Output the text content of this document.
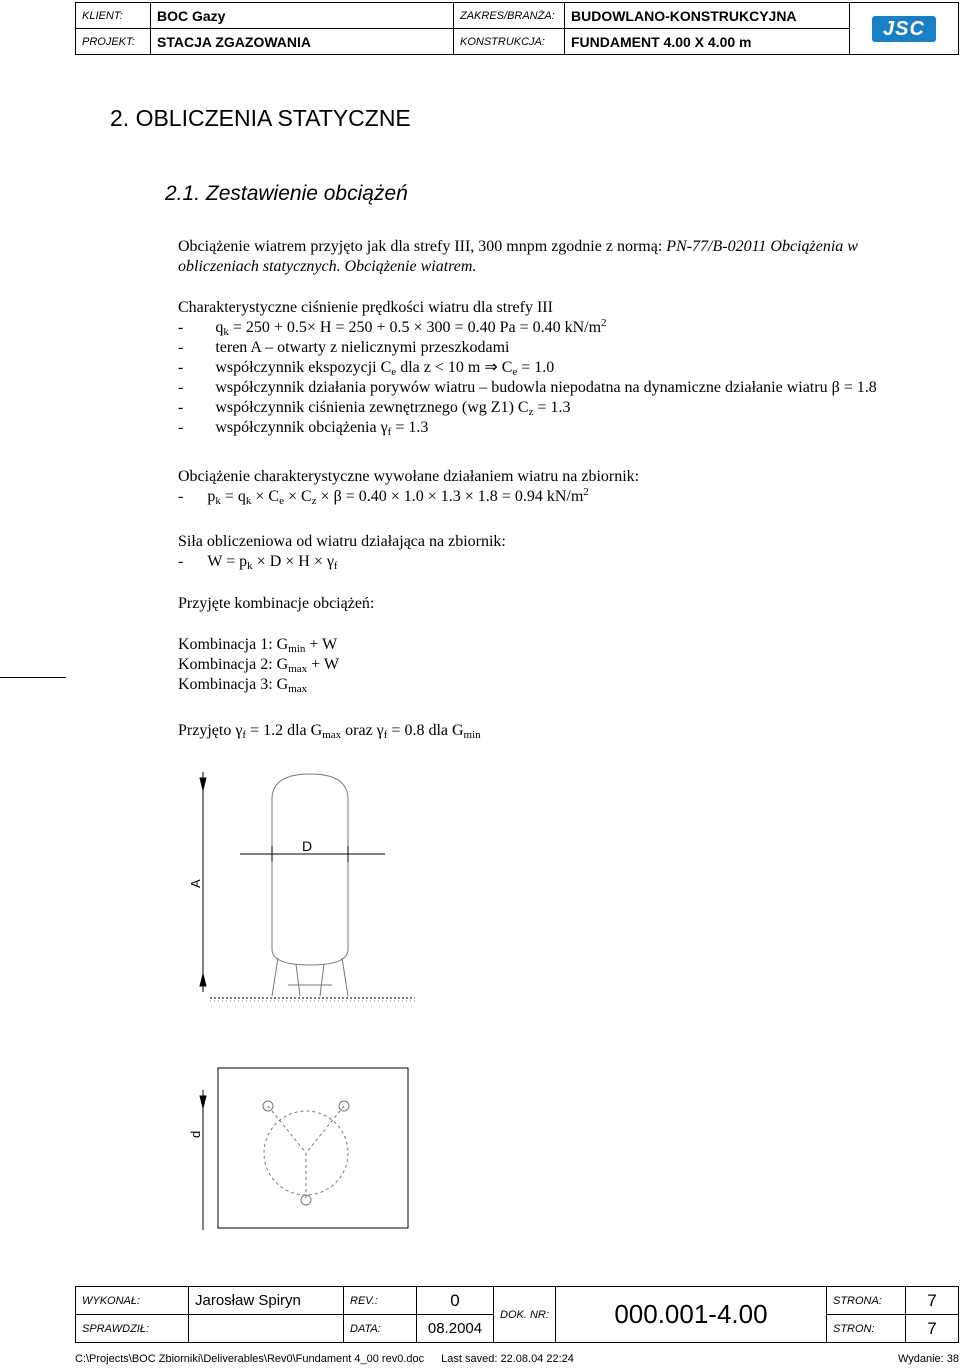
KLIENT:	BOC Gazy	ZAKRES/BRANŻA:	BUDOWLANO-KONSTRUKCYJNA	JSC
PROJEKT:	STACJA ZGAZOWANIA	KONSTRUKCJA:	FUNDAMENT 4.00 X 4.00 m	
2. OBLICZENIA STATYCZNE
2.1. Zestawienie obciążeń
Obciążenie wiatrem przyjęto jak dla strefy III, 300 mnpm zgodnie z normą: PN-77/B-02011 Obciążenia w
obliczeniach statycznych. Obciążenie wiatrem.
Charakterystyczne ciśnienie prędkości wiatru dla strefy III
- $q_k = 250 + 0.5\times H = 250 + 0.5 \times 300 = 0.40$ Pa = 0.40 $kN/m^2$
- teren A – otwarty z nielicznymi przeszkodami
- współczynnik ekspozycji $C_e$ dla z < 10 m ⇒ $C_e = 1.0$
- współczynnik działania porywów wiatru – budowla niepodatna na dynamiczne działanie wiatru β = 1.8
- współczynnik ciśnienia zewnętrznego (wg Z1) $C_z = 1.3$
- współczynnik obciążenia $\gamma_f = 1.3$
Obciążenie charakterystyczne wywołane działaniem wiatru na zbiornik:
- $p_k = q_k \times C_e \times C_z \times \beta = 0.40 \times 1.0 \times 1.3 \times 1.8 = 0.94$ $kN/m^2$
Siła obliczeniowa od wiatru działająca na zbiornik:
- $W = p_k \times D \times H \times \gamma_f$
Przyjęte kombinacje obciążeń:
Kombinacja 1: $G_{min} + W$
Kombinacja 2: $G_{max} + W$
Kombinacja 3: $G_{max}$
Przyjęto $\gamma_f = 1.2$ dla $G_{max}$ oraz $\gamma_f = 0.8$ dla $G_{min}$
D
A
d
WYKONAŁ:	Jarosław Spiryn	REV.:	0	DOK. NR:	000.001-4.00	STRONA:	7
SPRAWDZIŁ:		DATA:	08.2004			STRON:	7
C:\Projects\BOC Zbiorniki\Deliverables\Rev0\Fundament 4_00 rev0.doc Last saved: 22.08.04 22:24	Wydanie: 38
